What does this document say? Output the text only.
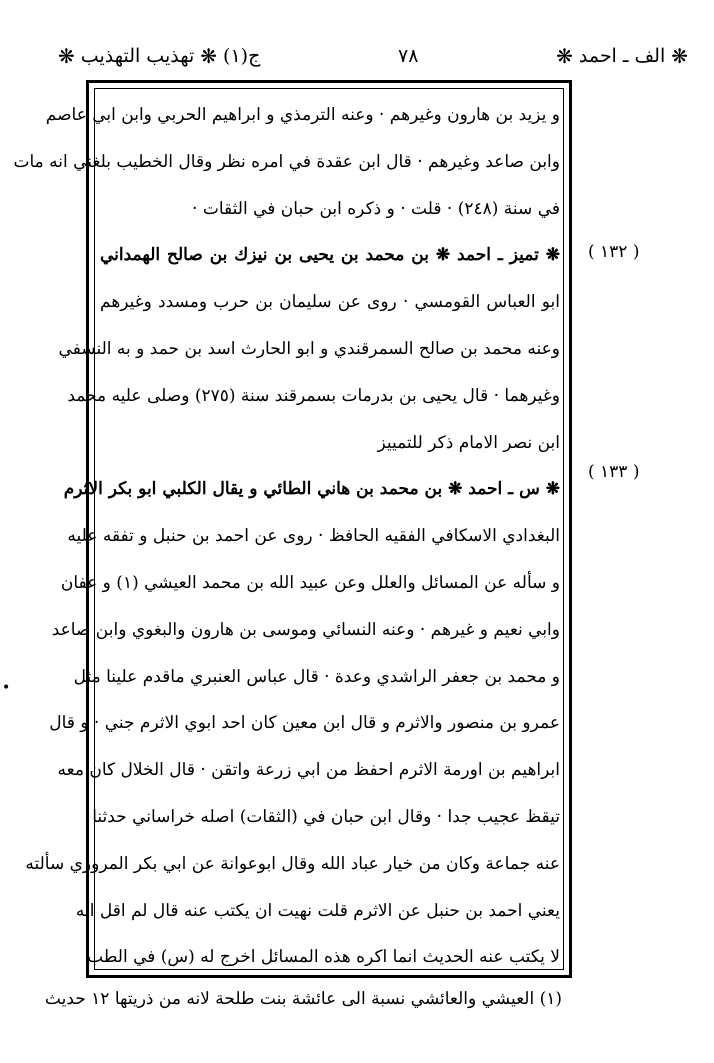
ج(١)
❋
تهذيب التهذيب
❋	٧٨	❋
الف ـ احمد
❋
( ١٣٢ )
( ١٣٣ )
•
و يزيد بن هارون وغيرهم · وعنه الترمذي و ابراهيم الحربي وابن ابي عاصم
وابن صاعد وغيرهم · قال ابن عقدة في امره نظر وقال الخطيب بلغني انه مات
في سنة (٢٤٨) · قلت · و ذكره ابن حبان في الثقات ·
❋ تميز ـ احمد ❋ بن محمد بن يحيى بن نيزك بن صالح الهمداني
ابو العباس القومسي · روى عن سليمان بن حرب ومسدد وغيرهم
وعنه محمد بن صالح السمرقندي و ابو الحارث اسد بن حمد و به النسفي
وغيرهما · قال يحيى بن بدرمات بسمرقند سنة (٢٧٥) وصلى عليه محمد
ابن نصر الامام ذكر للتمييز
❋ س ـ احمد ❋ بن محمد بن هاني الطائي و يقال الكلبي ابو بكر الاثرم
البغدادي الاسكافي الفقيه الحافظ · روى عن احمد بن حنبل و تفقه عليه
و سأله عن المسائل والعلل وعن عبيد الله بن محمد العيشي (١) و عفان
وابي نعيم و غيرهم · وعنه النسائي وموسى بن هارون والبغوي وابن صاعد
و محمد بن جعفر الراشدي وعدة · قال عباس العنبري ماقدم علينا مثل
عمرو بن منصور والاثرم و قال ابن معين كان احد ابوي الاثرم جني · و قال
ابراهيم بن اورمة الاثرم احفظ من ابي زرعة واتقن · قال الخلال كان معه
تيقظ عجيب جدا · وقال ابن حبان في (الثقات) اصله خراساني حدثنا
عنه جماعة وكان من خيار عباد الله وقال ابوعوانة عن ابي بكر المروزي سألته
يعني احمد بن حنبل عن الاثرم قلت نهيت ان يكتب عنه قال لم اقل انه
لا يكتب عنه الحديث انما اكره هذه المسائل اخرج له (س) في الطب
(١) العيشي والعائشي نسبة الى عائشة بنت طلحة لانه من ذريتها ١٢ حديث
